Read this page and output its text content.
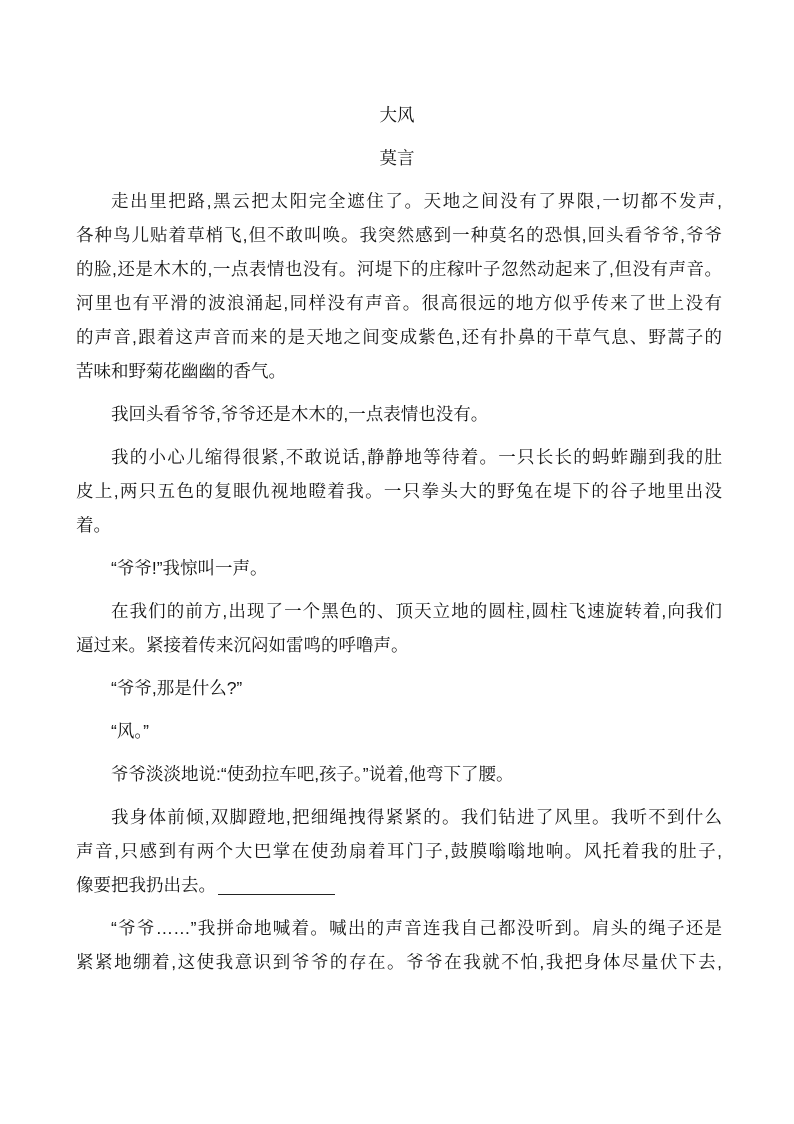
大风
莫言
走出里把路,黑云把太阳完全遮住了。天地之间没有了界限,一切都不发声,
各种鸟儿贴着草梢飞,但不敢叫唤。我突然感到一种莫名的恐惧,回头看爷爷,爷爷
的脸,还是木木的,一点表情也没有。河堤下的庄稼叶子忽然动起来了,但没有声音。
河里也有平滑的波浪涌起,同样没有声音。很高很远的地方似乎传来了世上没有
的声音,跟着这声音而来的是天地之间变成紫色,还有扑鼻的干草气息、野蒿子的
苦味和野菊花幽幽的香气。
我回头看爷爷,爷爷还是木木的,一点表情也没有。
我的小心儿缩得很紧,不敢说话,静静地等待着。一只长长的蚂蚱蹦到我的肚
皮上,两只五色的复眼仇视地瞪着我。一只拳头大的野兔在堤下的谷子地里出没
着。
“爷爷!”我惊叫一声。
在我们的前方,出现了一个黑色的、顶天立地的圆柱,圆柱飞速旋转着,向我们
逼过来。紧接着传来沉闷如雷鸣的呼噜声。
“爷爷,那是什么?”
“风。”
爷爷淡淡地说:“使劲拉车吧,孩子。”说着,他弯下了腰。
我身体前倾,双脚蹬地,把细绳拽得紧紧的。我们钻进了风里。我听不到什么
声音,只感到有两个大巴掌在使劲扇着耳门子,鼓膜嗡嗡地响。风托着我的肚子,
像要把我扔出去。
“爷爷……”我拼命地喊着。喊出的声音连我自己都没听到。肩头的绳子还是
紧紧地绷着,这使我意识到爷爷的存在。爷爷在我就不怕,我把身体尽量伏下去,
